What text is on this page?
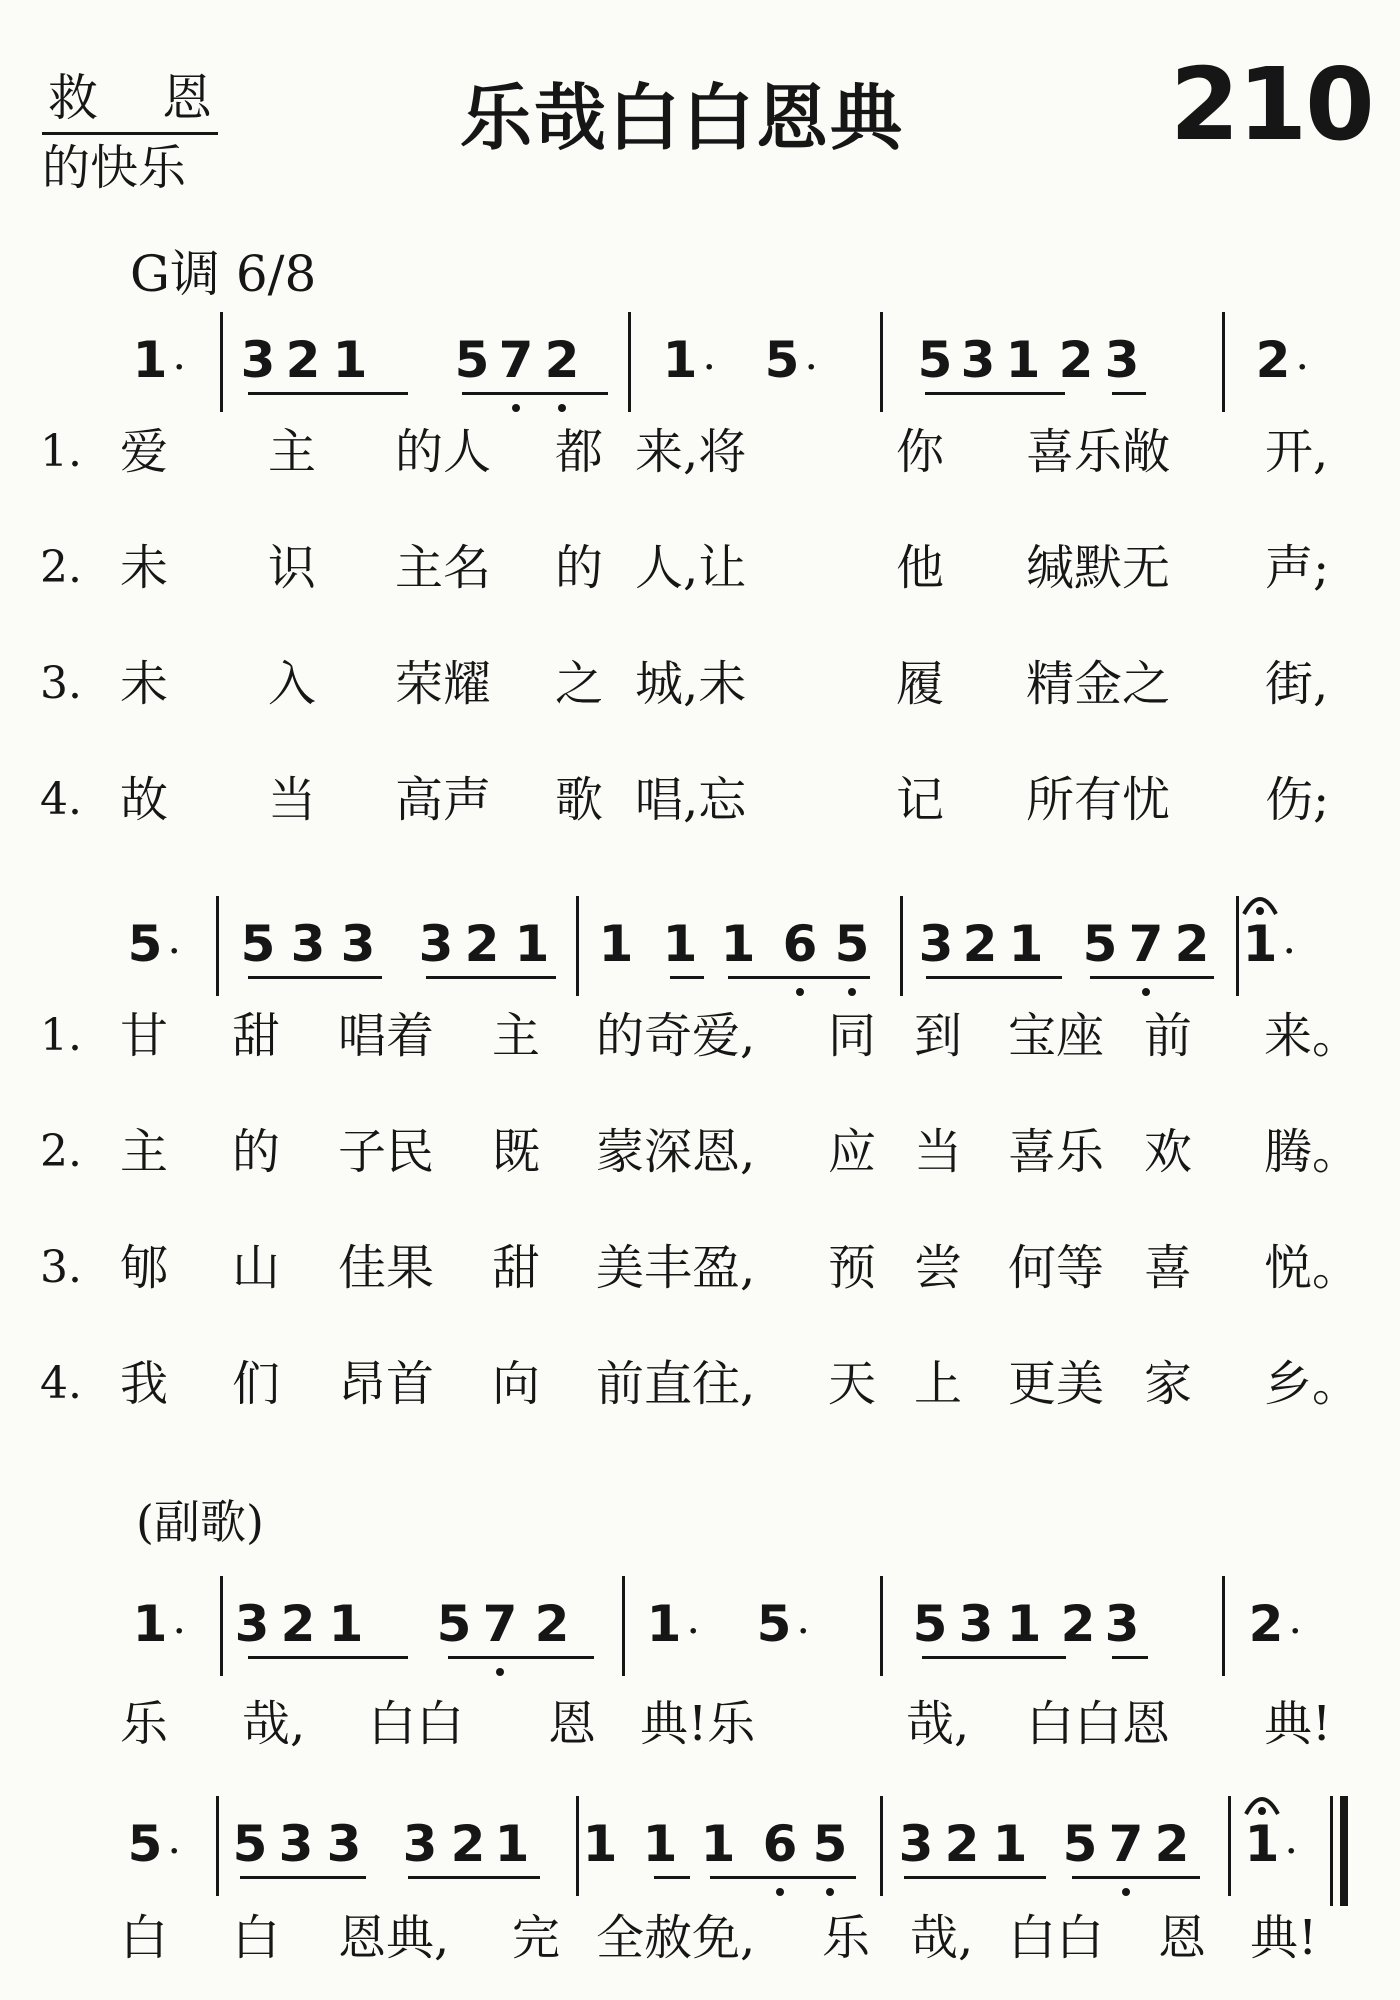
救 恩
的快乐
乐哉白白恩典	210
G调 6/8
1 · 3 2 1 5 7 2 1 · 5 · 5 3 1 2 3 2 ·
1. 爱 主 的人 都 来,将	你 喜乐敞 开,
2. 未 识 主名 的 人,让	他 缄默无 声;
3. 未 入 荣耀 之 城,未	履 精金之 街,
4. 故 当 高声 歌 唱,忘	记 所有忧 伤;
5 · 5 3 3 3 2 1 1 1 1 6 5 3 2 1 5 7 2 1 ·
1. 甘 甜 唱着 主 的奇爱, 同 到 宝座 前 来。
2. 主 的 子民 既 蒙深恩, 应 当 喜乐 欢 腾。
3. 郇 山 佳果 甜 美丰盈, 预 尝 何等 喜 悦。
4. 我 们 昂首 向 前直往, 天 上 更美 家 乡。
(副歌)
1 · 3 2 1 5 7 2 1 · 5 · 5 3 1 2 3 2 ·
乐 哉, 白白 恩 典!乐	哉, 白白恩 典!
5 · 5 3 3 3 2 1 1 1 1 6 5 3 2 1 5 7 2 1 ·
白 白 恩典, 完 全赦免, 乐 哉, 白白 恩 典!
